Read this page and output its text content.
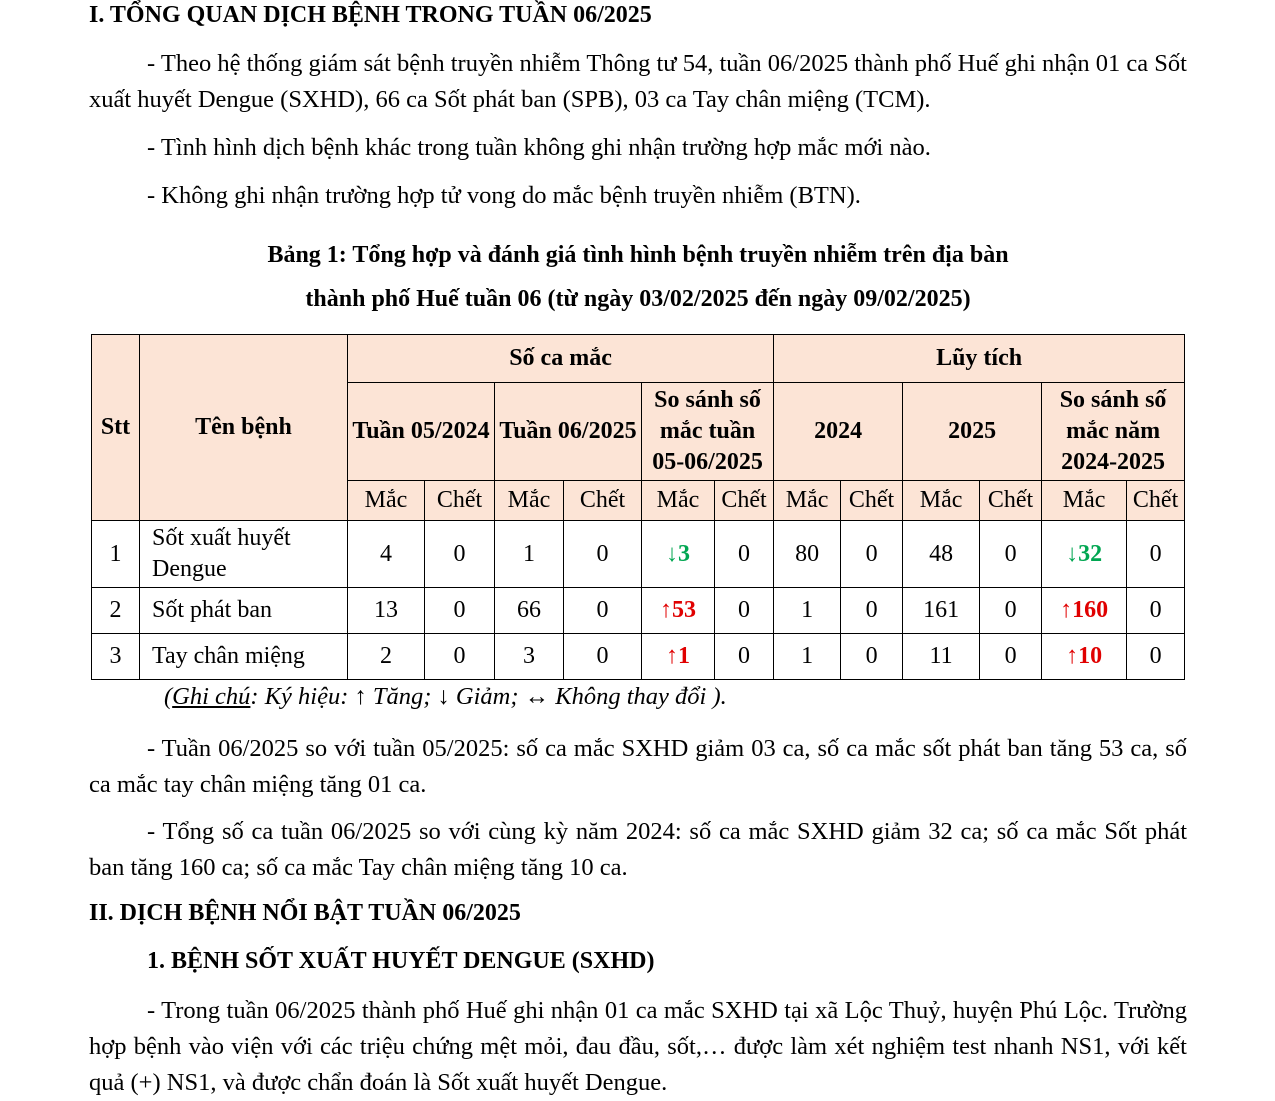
I. TỔNG QUAN DỊCH BỆNH TRONG TUẦN 06/2025
- Theo hệ thống giám sát bệnh truyền nhiễm Thông tư 54, tuần 06/2025 thành phố Huế ghi nhận 01 ca Sốt xuất huyết Dengue (SXHD), 66 ca Sốt phát ban (SPB), 03 ca Tay chân miệng (TCM).
- Tình hình dịch bệnh khác trong tuần không ghi nhận trường hợp mắc mới nào.
- Không ghi nhận trường hợp tử vong do mắc bệnh truyền nhiễm (BTN).
Bảng 1: Tổng hợp và đánh giá tình hình bệnh truyền nhiễm trên địa bàn
thành phố Huế tuần 06 (từ ngày 03/02/2025 đến ngày 09/02/2025)
Stt	Tên bệnh	Số ca mắc						Lũy tích					
		Tuần 05/2024		Tuần 06/2025		So sánh số mắc tuần 05-06/2025		2024		2025		So sánh số mắc năm 2024-2025	
		Mắc	Chết	Mắc	Chết	Mắc	Chết	Mắc	Chết	Mắc	Chết	Mắc	Chết
1	Sốt xuất huyết Dengue	4	0	1	0	↓3	0	80	0	48	0	↓32	0
2	Sốt phát ban	13	0	66	0	↑53	0	1	0	161	0	↑160	0
3	Tay chân miệng	2	0	3	0	↑1	0	1	0	11	0	↑10	0
(Ghi chú: Ký hiệu: ↑ Tăng; ↓ Giảm; ↔ Không thay đổi ).
- Tuần 06/2025 so với tuần 05/2025: số ca mắc SXHD giảm 03 ca, số ca mắc sốt phát ban tăng 53 ca, số ca mắc tay chân miệng tăng 01 ca.
- Tổng số ca tuần 06/2025 so với cùng kỳ năm 2024: số ca mắc SXHD giảm 32 ca; số ca mắc Sốt phát ban tăng 160 ca; số ca mắc Tay chân miệng tăng 10 ca.
II. DỊCH BỆNH NỔI BẬT TUẦN 06/2025
1. BỆNH SỐT XUẤT HUYẾT DENGUE (SXHD)
- Trong tuần 06/2025 thành phố Huế ghi nhận 01 ca mắc SXHD tại xã Lộc Thuỷ, huyện Phú Lộc. Trường hợp bệnh vào viện với các triệu chứng mệt mỏi, đau đầu, sốt,… được làm xét nghiệm test nhanh NS1, với kết quả (+) NS1, và được chẩn đoán là Sốt xuất huyết Dengue.
